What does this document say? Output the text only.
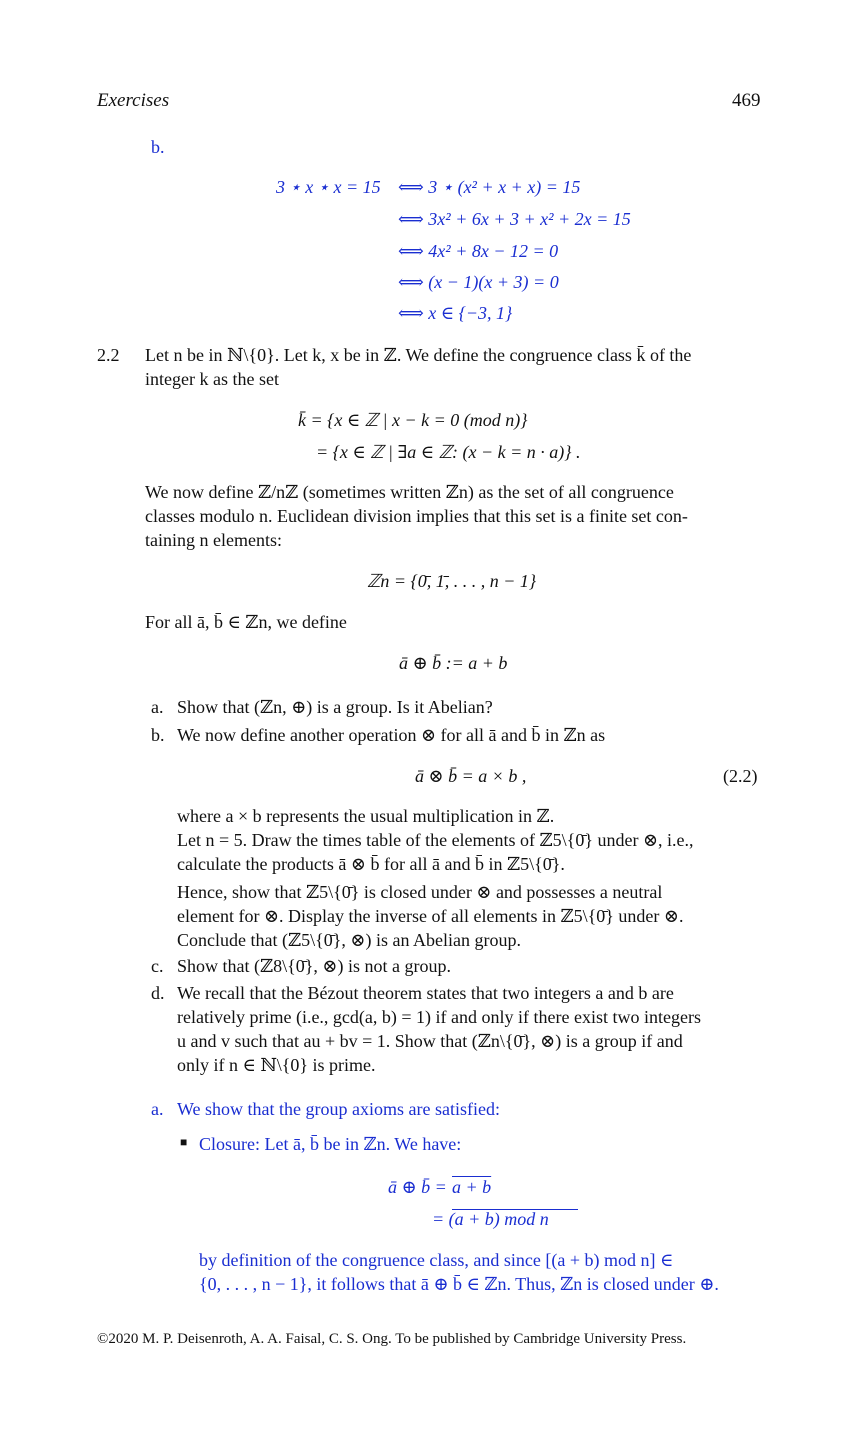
Exercises	469
b.
3 ⋆ x ⋆ x = 15 ⟺ 3 ⋆ (x² + x + x) = 15
⟺ 3x² + 6x + 3 + x² + 2x = 15
⟺ 4x² + 8x − 12 = 0
⟺ (x − 1)(x + 3) = 0
⟺ x ∈ {−3, 1}
2.2 Let n be in ℕ\{0}. Let k, x be in ℤ. We define the congruence class k̄ of the
integer k as the set
k̄ = {x ∈ ℤ | x − k = 0 (mod n)}
= {x ∈ ℤ | ∃a ∈ ℤ: (x − k = n · a)} .
We now define ℤ/nℤ (sometimes written ℤn) as the set of all congruence
classes modulo n. Euclidean division implies that this set is a finite set con-
taining n elements:
ℤn = {0̄, 1̄, . . . , n − 1}
For all ā, b̄ ∈ ℤn, we define
ā ⊕ b̄ := a + b
a. Show that (ℤn, ⊕) is a group. Is it Abelian?
b. We now define another operation ⊗ for all ā and b̄ in ℤn as
ā ⊗ b̄ = a × b ,	(2.2)
where a × b represents the usual multiplication in ℤ.
Let n = 5. Draw the times table of the elements of ℤ5\{0̄} under ⊗, i.e.,
calculate the products ā ⊗ b̄ for all ā and b̄ in ℤ5\{0̄}.
Hence, show that ℤ5\{0̄} is closed under ⊗ and possesses a neutral
element for ⊗. Display the inverse of all elements in ℤ5\{0̄} under ⊗.
Conclude that (ℤ5\{0̄}, ⊗) is an Abelian group.
c. Show that (ℤ8\{0̄}, ⊗) is not a group.
d. We recall that the Bézout theorem states that two integers a and b are
relatively prime (i.e., gcd(a, b) = 1) if and only if there exist two integers
u and v such that au + bv = 1. Show that (ℤn\{0̄}, ⊗) is a group if and
only if n ∈ ℕ\{0} is prime.
a. We show that the group axioms are satisfied:
■ Closure: Let ā, b̄ be in ℤn. We have:
ā ⊕ b̄ = a + b
= (a + b) mod n
by definition of the congruence class, and since [(a + b) mod n] ∈
{0, . . . , n − 1}, it follows that ā ⊕ b̄ ∈ ℤn. Thus, ℤn is closed under ⊕.
©2020 M. P. Deisenroth, A. A. Faisal, C. S. Ong. To be published by Cambridge University Press.
